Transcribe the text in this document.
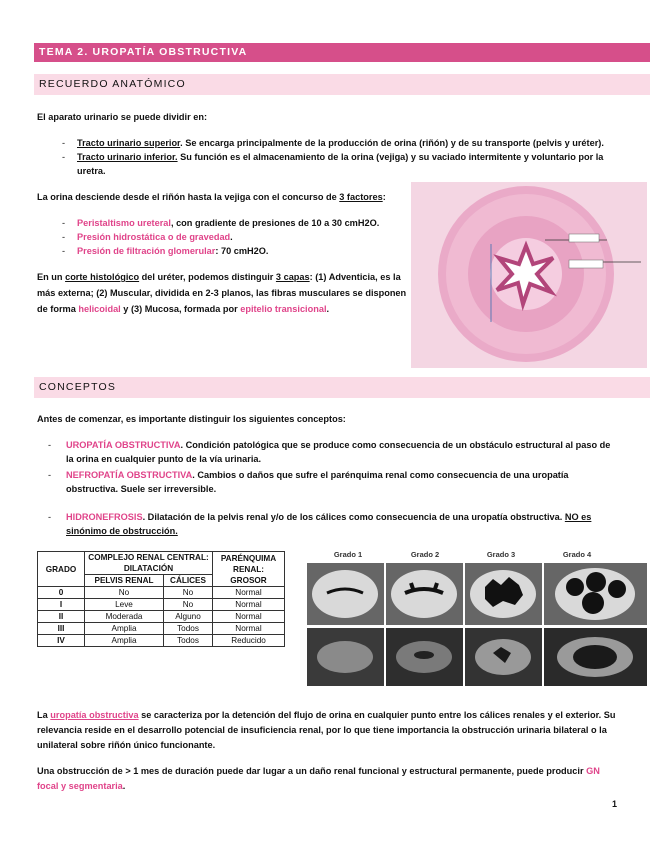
TEMA 2. UROPATÍA OBSTRUCTIVA
RECUERDO ANATÓMICO
El aparato urinario se puede dividir en:
- Tracto urinario superior. Se encarga principalmente de la producción de orina (riñón) y de su transporte (pelvis y uréter).
- Tracto urinario inferior. Su función es el almacenamiento de la orina (vejiga) y su vaciado intermitente y voluntario por la
uretra.
La orina desciende desde el riñón hasta la vejiga con el concurso de 3 factores:
- Peristaltismo ureteral, con gradiente de presiones de 10 a 30 cmH2O.
- Presión hidrostática o de gravedad.
- Presión de filtración glomerular: 70 cmH2O.
En un corte histológico del uréter, podemos distinguir 3 capas: (1) Adventicia, es la
más externa; (2) Muscular, dividida en 2-3 planos, las fibras musculares se disponen
de forma helicoidal y (3) Mucosa, formada por epitelio transicional.
CONCEPTOS
Antes de comenzar, es importante distinguir los siguientes conceptos:
- UROPATÍA OBSTRUCTIVA. Condición patológica que se produce como consecuencia de un obstáculo estructural al paso de
la orina en cualquier punto de la vía urinaria.
- NEFROPATÍA OBSTRUCTIVA. Cambios o daños que sufre el parénquima renal como consecuencia de una uropatía
obstructiva. Suele ser irreversible.
- HIDRONEFROSIS. Dilatación de la pelvis renal y/o de los cálices como consecuencia de una uropatía obstructiva. NO es
sinónimo de obstrucción.
GRADO	COMPLEJO RENAL CENTRAL: DILATACIÓN		PARÉNQUIMA RENAL: GROSOR
	PELVIS RENAL	CÁLICES	
0	No	No	Normal
I	Leve	No	Normal
II	Moderada	Alguno	Normal
III	Amplia	Todos	Normal
IV	Amplia	Todos	Reducido
Grado 1	Grado 2	Grado 3	Grado 4
La uropatía obstructiva se caracteriza por la detención del flujo de orina en cualquier punto entre los cálices renales y el exterior. Su
relevancia reside en el desarrollo potencial de insuficiencia renal, por lo que tiene importancia la obstrucción urinaria bilateral o la
unilateral sobre riñón único funcionante.
Una obstrucción de > 1 mes de duración puede dar lugar a un daño renal funcional y estructural permanente, puede producir GN
focal y segmentaria.
1
